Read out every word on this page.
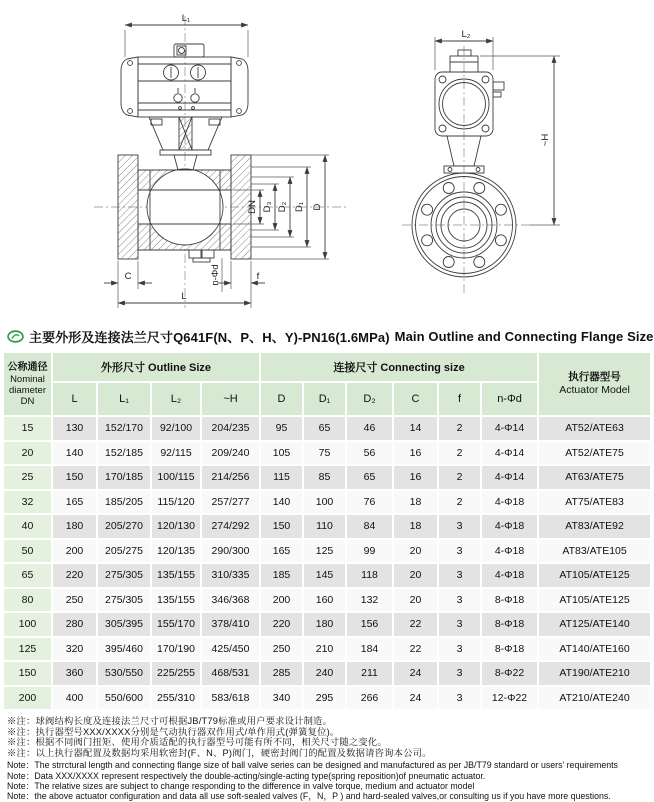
L₁
DN D₃ D₂ D₁ D
C	f
L
n-Φd
L₂
~H
主要外形及连接法兰尺寸Q641F(N、P、H、Y)-PN16(1.6MPa) Main Outline and Connecting Flange Size
公称通径
Nominal
diameter
DN	外形尺寸 Outline Size				连接尺寸 Connecting size						执行器型号
Actuator Model

	L	L₁	L₂	~H	D	D₁	D₂	C	f	n-Φd	
15	130	152/170	92/100	204/235	95	65	46	14	2	4-Φ14	AT52/ATE63
20	140	152/185	92/115	209/240	105	75	56	16	2	4-Φ14	AT52/ATE75
25	150	170/185	100/115	214/256	115	85	65	16	2	4-Φ14	AT63/ATE75
32	165	185/205	115/120	257/277	140	100	76	18	2	4-Φ18	AT75/ATE83
40	180	205/270	120/130	274/292	150	110	84	18	3	4-Φ18	AT83/ATE92
50	200	205/275	120/135	290/300	165	125	99	20	3	4-Φ18	AT83/ATE105
65	220	275/305	135/155	310/335	185	145	118	20	3	4-Φ18	AT105/ATE125
80	250	275/305	135/155	346/368	200	160	132	20	3	8-Φ18	AT105/ATE125
100	280	305/395	155/170	378/410	220	180	156	22	3	8-Φ18	AT125/ATE140
125	320	395/460	170/190	425/450	250	210	184	22	3	8-Φ18	AT140/ATE160
150	360	530/550	225/255	468/531	285	240	211	24	3	8-Φ22	AT190/ATE210
200	400	550/600	255/310	583/618	340	295	266	24	3	12-Φ22	AT210/ATE240
※注：球阀结构长度及连接法兰尺寸可根据JB/T79标准或用户要求设计制造。
※注：执行器型号XXX/XXXX分别是气动执行器双作用式/单作用式(弹簧复位)。
※注：根据不同阀门扭矩、使用介质适配的执行器型号可能有所不同，相关尺寸随之变化。
※注：以上执行器配置及数据均采用软密封(F、N、P)阀门，硬密封阀门的配置及数据请咨询本公司。
Note：The strrctural length and connecting flange size of ball valve series can be designed and manufactured as per JB/T79 standard or users' requirements
Note：Data XXX/XXXX represent respectively the double-acting/single-acting type(spring reposition)of pneumatic actuator.
Note：The relative sizes are subject to change responding to the difference in valve torque, medium and actuator model
Note：the above actuator configuration and data all use soft-sealed valves (F，N，P ) and hard-sealed valves,or consulting us if you have more questions.
